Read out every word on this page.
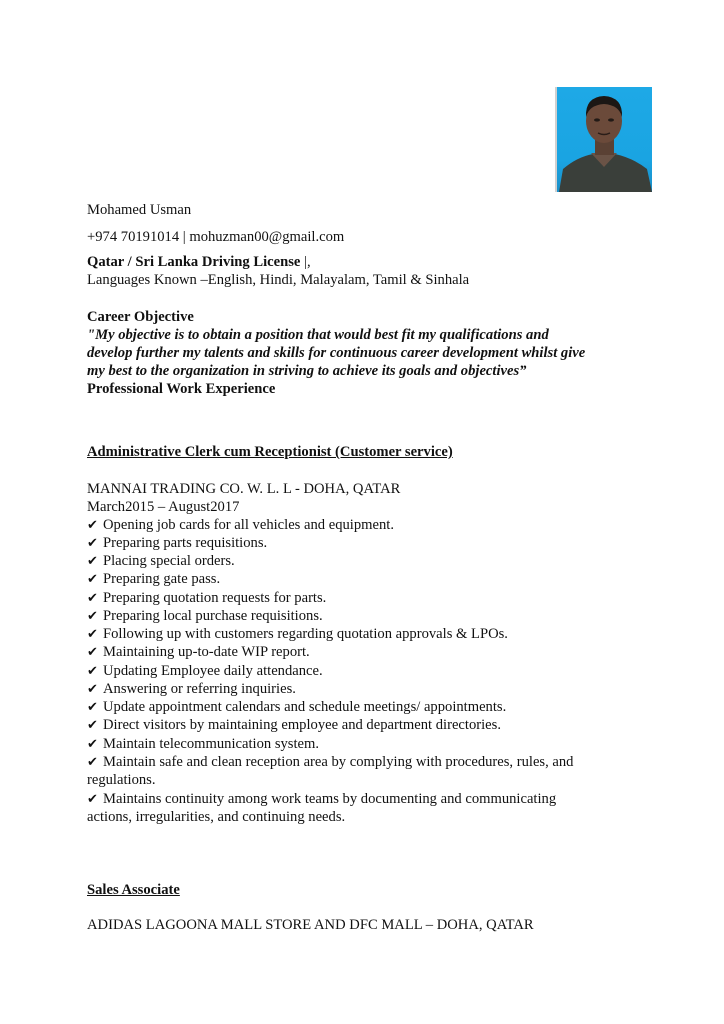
Mohamed Usman
+974 70191014 | mohuzman00@gmail.com
Qatar / Sri Lanka Driving License |,
Languages Known –English, Hindi, Malayalam, Tamil & Sinhala
Career Objective
"My objective is to obtain a position that would best fit my qualifications and
develop further my talents and skills for continuous career development whilst give
my best to the organization in striving to achieve its goals and objectives”
Professional Work Experience
Administrative Clerk cum Receptionist (Customer service)
MANNAI TRADING CO. W. L. L - DOHA, QATAR
March2015 – August2017
✔ Opening job cards for all vehicles and equipment.
✔ Preparing parts requisitions.
✔ Placing special orders.
✔ Preparing gate pass.
✔ Preparing quotation requests for parts.
✔ Preparing local purchase requisitions.
✔ Following up with customers regarding quotation approvals & LPOs.
✔ Maintaining up-to-date WIP report.
✔ Updating Employee daily attendance.
✔ Answering or referring inquiries.
✔ Update appointment calendars and schedule meetings/ appointments.
✔ Direct visitors by maintaining employee and department directories.
✔ Maintain telecommunication system.
✔ Maintain safe and clean reception area by complying with procedures, rules, and
regulations.
✔ Maintains continuity among work teams by documenting and communicating
actions, irregularities, and continuing needs.
Sales Associate
ADIDAS LAGOONA MALL STORE AND DFC MALL – DOHA, QATAR
